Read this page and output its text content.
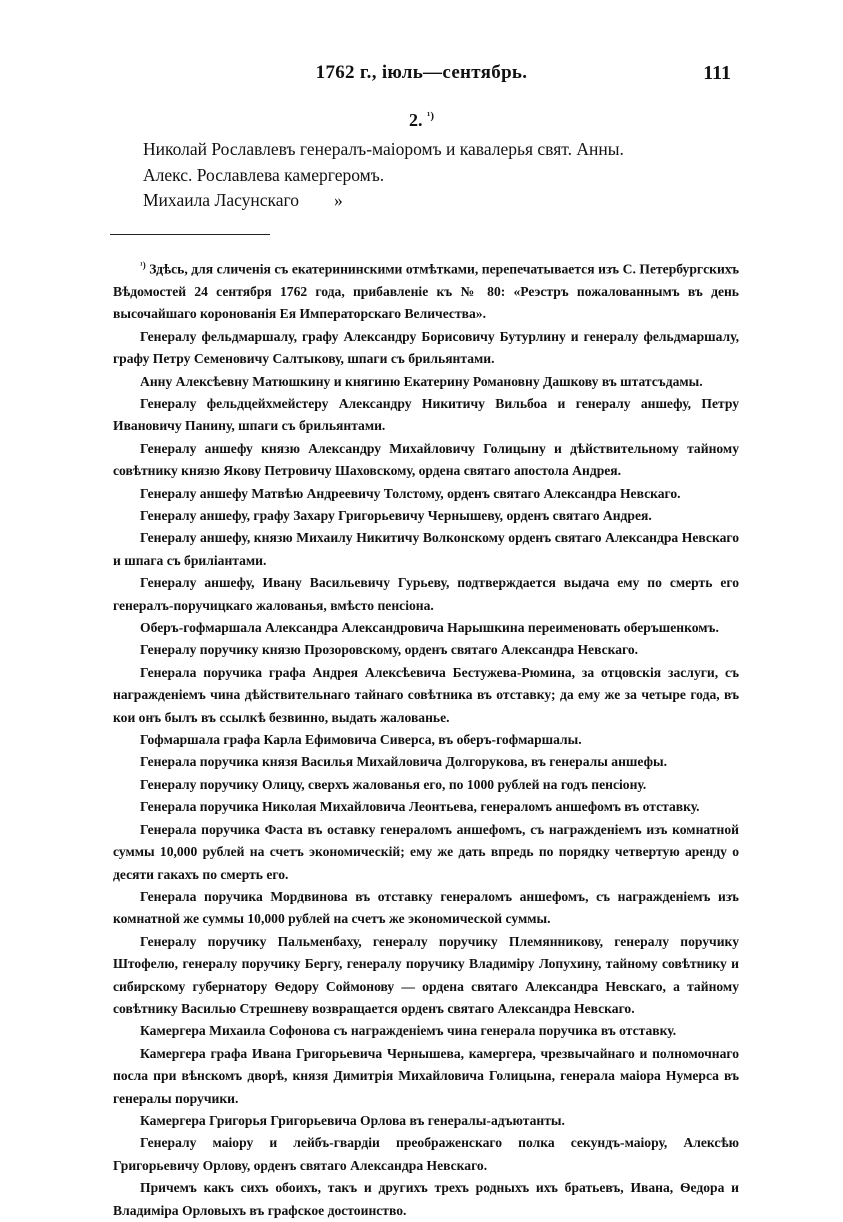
1762 г., іюль—сентябрь.	111
2. $^{^1)}$
Николай Рославлевъ генералъ-маіоромъ и кавалерья свят. Анны.
Алекс. Рославлева камергеромъ.
Михаила Ласунскаго        »

$^{^1)}$ Здѣсь, для сличенія съ екатерининскими отмѣтками, перепечатывается изъ С. Петербургскихъ Вѣдомостей 24 сентября 1762 года, прибавленіе къ № 80: «Реэстръ пожалованнымъ въ день высочайшаго коронованія Ея Императорскаго Величества».

Генералу фельдмаршалу, графу Александру Борисовичу Бутурлину и генералу фельдмаршалу, графу Петру Семеновичу Салтыкову, шпаги съ брильянтами.

Анну Алексѣевну Матюшкину и княгиню Екатерину Романовну Дашкову въ штатсъдамы.

Генералу фельдцейхмейстеру Александру Никитичу Вильбоа и генералу аншефу, Петру Ивановичу Панину, шпаги съ брильянтами.

Генералу аншефу князю Александру Михайловичу Голицыну и дѣйствительному тайному совѣтнику князю Якову Петровичу Шаховскому, ордена святаго апостола Андрея.

Генералу аншефу Матвѣю Андреевичу Толстому, орденъ святаго Александра Невскаго.

Генералу аншефу, графу Захару Григорьевичу Чернышеву, орденъ святаго Андрея.

Генералу аншефу, князю Михаилу Никитичу Волконскому орденъ святаго Александра Невскаго и шпага съ бриліантами.

Генералу аншефу, Ивану Васильевичу Гурьеву, подтверждается выдача ему по смерть его генералъ-поручицкаго жалованья, вмѣсто пенсіона.

Оберъ-гофмаршала Александра Александровича Нарышкина переименовать оберъшенкомъ.

Генералу поручику князю Прозоровскому, орденъ святаго Александра Невскаго.

Генерала поручика графа Андрея Алексѣевича Бестужева-Рюмина, за отцовскія заслуги, съ награжденіемъ чина дѣйствительнаго тайнаго совѣтника въ отставку; да ему же за четыре года, въ кои онъ былъ въ ссылкѣ безвинно, выдать жалованье.

Гофмаршала графа Карла Ефимовича Сиверса, въ оберъ-гофмаршалы.

Генерала поручика князя Василья Михайловича Долгорукова, въ генералы аншефы.

Генералу поручику Олицу, сверхъ жалованья его, по 1000 рублей на годъ пенсіону.

Генерала поручика Николая Михайловича Леонтьева, генераломъ аншефомъ въ отставку.

Генерала поручика Фаста въ оставку генераломъ аншефомъ, съ награжденіемъ изъ комнатной суммы 10,000 рублей на счетъ экономическій; ему же дать впредь по порядку четвертую аренду о десяти гакахъ по смерть его.

Генерала поручика Мордвинова въ отставку генераломъ аншефомъ, съ награжденіемъ изъ комнатной же суммы 10,000 рублей на счетъ же экономической суммы.

Генералу поручику Пальменбаху, генералу поручику Племянникову, генералу поручику Штофелю, генералу поручику Бергу, генералу поручику Владиміру Лопухину, тайному совѣтнику и сибирскому губернатору Ѳедору Соймонову — ордена святаго Александра Невскаго, а тайному совѣтнику Василью Стрешневу возвращается орденъ святаго Александра Невскаго.

Камергера Михаила Софонова съ награжденіемъ чина генерала поручика въ отставку.

Камергера графа Ивана Григорьевича Чернышева, камергера, чрезвычайнаго и полномочнаго посла при вѣнскомъ дворѣ, князя Димитрія Михайловича Голицына, генерала маіора Нумерса въ генералы поручики.

Камергера Григорья Григорьевича Орлова въ генералы-адъютанты.

Генералу маіору и лейбъ-гвардіи преображенскаго полка секундъ-маіору, Алексѣю Григорьевичу Орлову, орденъ святаго Александра Невскаго.

Причемъ какъ сихъ обоихъ, такъ и другихъ трехъ родныхъ ихъ братьевъ, Ивана, Ѳедора и Владиміра Орловыхъ въ графское достоинство.
